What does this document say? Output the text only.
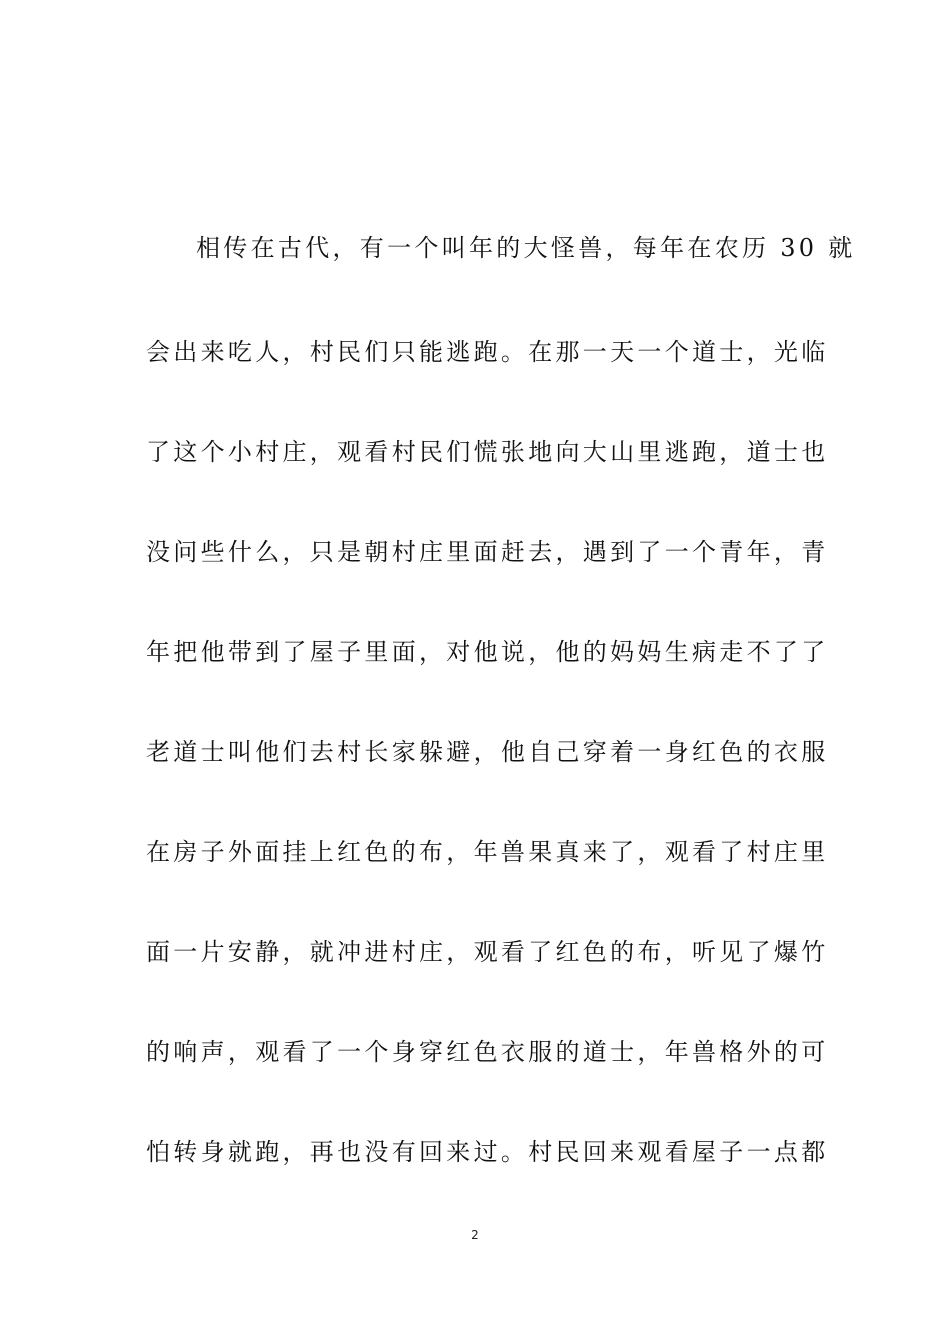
相传在古代，有一个叫年的大怪兽，每年在农历 30 就
会出来吃人，村民们只能逃跑。在那一天一个道士，光临
了这个小村庄，观看村民们慌张地向大山里逃跑，道士也
没问些什么，只是朝村庄里面赶去，遇到了一个青年，青
年把他带到了屋子里面，对他说，他的妈妈生病走不了了
老道士叫他们去村长家躲避，他自己穿着一身红色的衣服
在房子外面挂上红色的布，年兽果真来了，观看了村庄里
面一片安静，就冲进村庄，观看了红色的布，听见了爆竹
的响声，观看了一个身穿红色衣服的道士，年兽格外的可
怕转身就跑，再也没有回来过。村民回来观看屋子一点都
2
